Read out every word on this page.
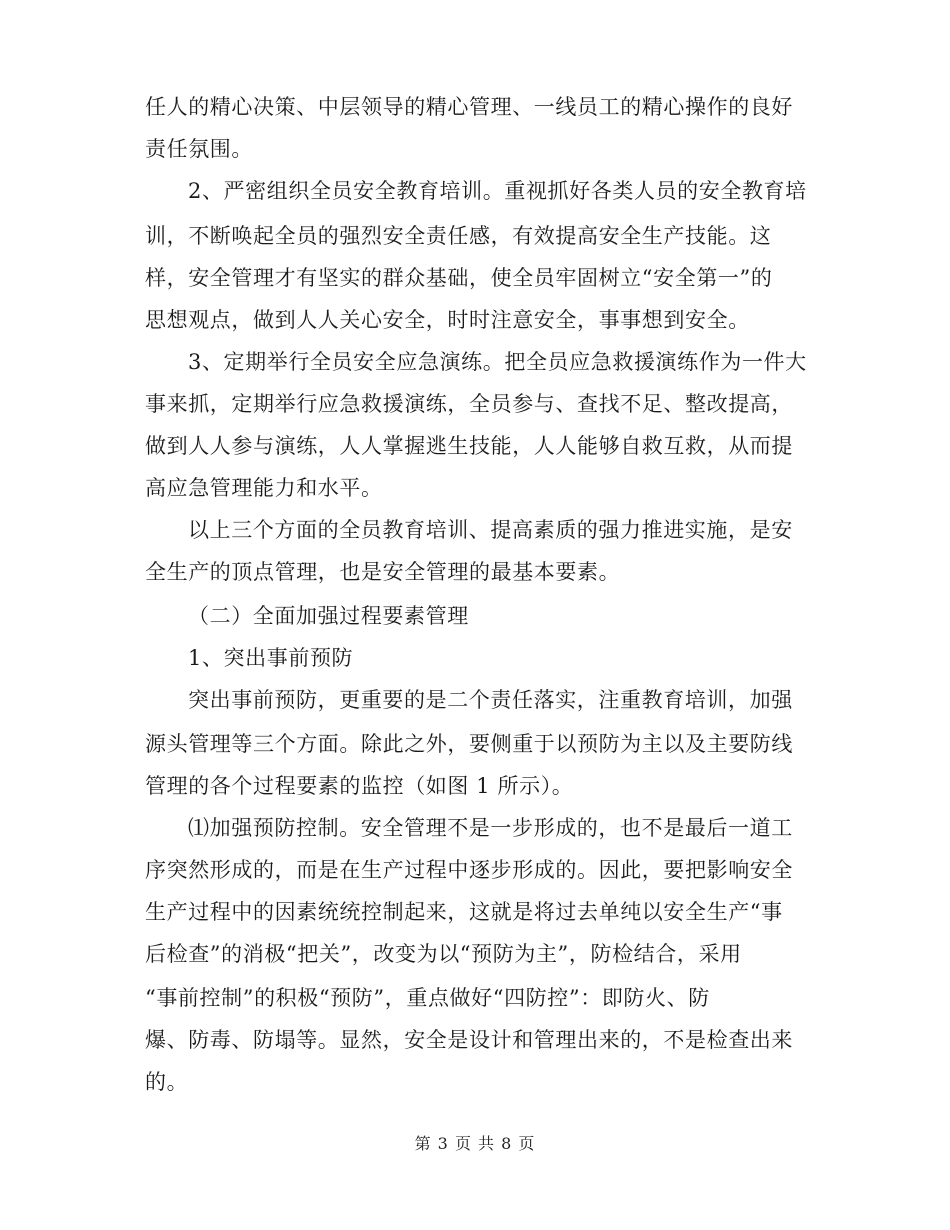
任人的精心决策、中层领导的精心管理、一线员工的精心操作的良好
责任氛围。
2、严密组织全员安全教育培训。重视抓好各类人员的安全教育培
训，不断唤起全员的强烈安全责任感，有效提高安全生产技能。这
样，安全管理才有坚实的群众基础，使全员牢固树立“安全第一”的
思想观点，做到人人关心安全，时时注意安全，事事想到安全。
3、定期举行全员安全应急演练。把全员应急救援演练作为一件大
事来抓，定期举行应急救援演练，全员参与、查找不足、整改提高，
做到人人参与演练，人人掌握逃生技能，人人能够自救互救，从而提
高应急管理能力和水平。
以上三个方面的全员教育培训、提高素质的强力推进实施，是安
全生产的顶点管理，也是安全管理的最基本要素。
（二）全面加强过程要素管理
1、突出事前预防
突出事前预防，更重要的是二个责任落实，注重教育培训，加强
源头管理等三个方面。除此之外，要侧重于以预防为主以及主要防线
管理的各个过程要素的监控（如图 1 所示）。
⑴加强预防控制。安全管理不是一步形成的，也不是最后一道工
序突然形成的，而是在生产过程中逐步形成的。因此，要把影响安全
生产过程中的因素统统控制起来，这就是将过去单纯以安全生产“事
后检查”的消极“把关”，改变为以“预防为主”，防检结合，采用
“事前控制”的积极“预防”，重点做好“四防控”：即防火、防
爆、防毒、防塌等。显然，安全是设计和管理出来的，不是检查出来
的。
第 3 页 共 8 页
